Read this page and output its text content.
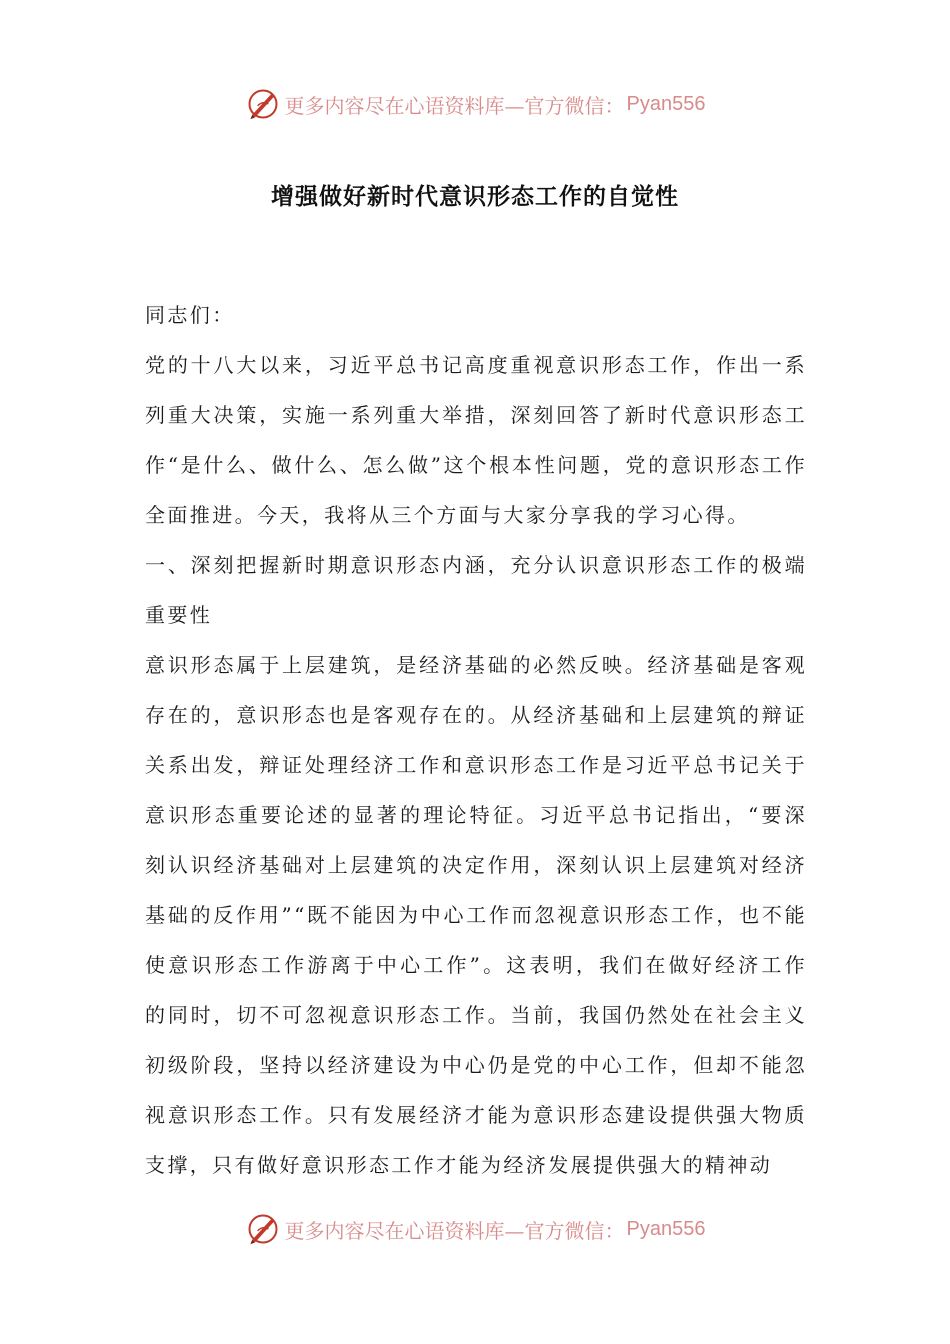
更多内容尽在心语资料库—官方微信： Pyan556
增强做好新时代意识形态工作的自觉性

同志们：

党的十八大以来，习近平总书记高度重视意识形态工作，作出一系列重大决策，实施一系列重大举措，深刻回答了新时代意识形态工作“是什么、做什么、怎么做”这个根本性问题，党的意识形态工作全面推进。今天，我将从三个方面与大家分享我的学习心得。

一、深刻把握新时期意识形态内涵，充分认识意识形态工作的极端重要性

意识形态属于上层建筑，是经济基础的必然反映。经济基础是客观存在的，意识形态也是客观存在的。从经济基础和上层建筑的辩证关系出发，辩证处理经济工作和意识形态工作是习近平总书记关于意识形态重要论述的显著的理论特征。习近平总书记指出，“要深刻认识经济基础对上层建筑的决定作用，深刻认识上层建筑对经济基础的反作用”“既不能因为中心工作而忽视意识形态工作，也不能使意识形态工作游离于中心工作”。这表明，我们在做好经济工作的同时，切不可忽视意识形态工作。当前，我国仍然处在社会主义初级阶段，坚持以经济建设为中心仍是党的中心工作，但却不能忽视意识形态工作。只有发展经济才能为意识形态建设提供强大物质支撑，只有做好意识形态工作才能为经济发展提供强大的精神动

更多内容尽在心语资料库—官方微信： Pyan556
